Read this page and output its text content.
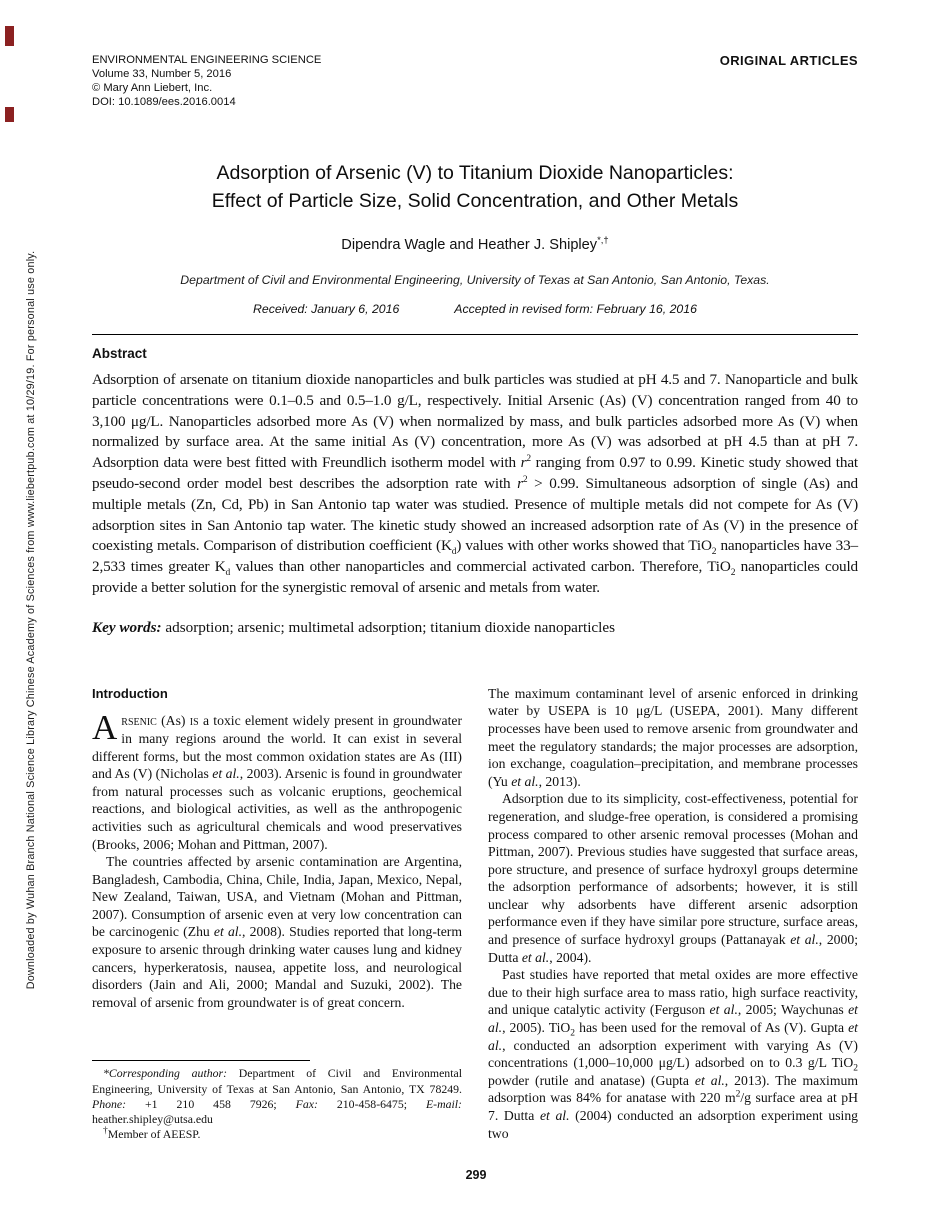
Downloaded by Wuhan Branch National Science Library Chinese Academy of Sciences from www.liebertpub.com at 10/29/19. For personal use only.
ENVIRONMENTAL ENGINEERING SCIENCE
Volume 33, Number 5, 2016
© Mary Ann Liebert, Inc.
DOI: 10.1089/ees.2016.0014
ORIGINAL ARTICLES
Adsorption of Arsenic (V) to Titanium Dioxide Nanoparticles:
Effect of Particle Size, Solid Concentration, and Other Metals
Dipendra Wagle and Heather J. Shipley*,†
Department of Civil and Environmental Engineering, University of Texas at San Antonio, San Antonio, Texas.
Received: January 6, 2016	Accepted in revised form: February 16, 2016
Abstract

Adsorption of arsenate on titanium dioxide nanoparticles and bulk particles was studied at pH 4.5 and 7. Nanoparticle and bulk particle concentrations were 0.1–0.5 and 0.5–1.0 g/L, respectively. Initial Arsenic (As) (V) concentration ranged from 40 to 3,100 μg/L. Nanoparticles adsorbed more As (V) when normalized by mass, and bulk particles adsorbed more As (V) when normalized by surface area. At the same initial As (V) concentration, more As (V) was adsorbed at pH 4.5 than at pH 7. Adsorption data were best fitted with Freundlich isotherm model with $r^2$ ranging from 0.97 to 0.99. Kinetic study showed that pseudo-second order model best describes the adsorption rate with $r^2 > 0.99$. Simultaneous adsorption of single (As) and multiple metals (Zn, Cd, Pb) in San Antonio tap water was studied. Presence of multiple metals did not compete for As (V) adsorption sites in San Antonio tap water. The kinetic study showed an increased adsorption rate of As (V) in the presence of coexisting metals. Comparison of distribution coefficient $(K_d)$ values with other works showed that TiO$_2$ nanoparticles have 33–2,533 times greater $K_d$ values than other nanoparticles and commercial activated carbon. Therefore, TiO$_2$ nanoparticles could provide a better solution for the synergistic removal of arsenic and metals from water.

Key words: adsorption; arsenic; multimetal adsorption; titanium dioxide nanoparticles

Introduction

Arsenic (As) is a toxic element widely present in groundwater in many regions around the world. It can exist in several different forms, but the most common oxidation states are As (III) and As (V) (Nicholas et al., 2003). Arsenic is found in groundwater from natural processes such as volcanic eruptions, geochemical reactions, and biological activities, as well as the anthropogenic activities such as agricultural chemicals and wood preservatives (Brooks, 2006; Mohan and Pittman, 2007).

The countries affected by arsenic contamination are Argentina, Bangladesh, Cambodia, China, Chile, India, Japan, Mexico, Nepal, New Zealand, Taiwan, USA, and Vietnam (Mohan and Pittman, 2007). Consumption of arsenic even at very low concentration can be carcinogenic (Zhu et al., 2008). Studies reported that long-term exposure to arsenic through drinking water causes lung and kidney cancers, hyperkeratosis, nausea, appetite loss, and neurological disorders (Jain and Ali, 2000; Mandal and Suzuki, 2002). The removal of arsenic from groundwater is of great concern.

*Corresponding author: Department of Civil and Environmental Engineering, University of Texas at San Antonio, San Antonio, TX 78249. Phone: +1 210 458 7926; Fax: 210-458-6475; E-mail: heather.shipley@utsa.edu

†Member of AEESP.

The maximum contaminant level of arsenic enforced in drinking water by USEPA is 10 μg/L (USEPA, 2001). Many different processes have been used to remove arsenic from groundwater and meet the regulatory standards; the major processes are adsorption, ion exchange, coagulation–precipitation, and membrane processes (Yu et al., 2013).

Adsorption due to its simplicity, cost-effectiveness, potential for regeneration, and sludge-free operation, is considered a promising process compared to other arsenic removal processes (Mohan and Pittman, 2007). Previous studies have suggested that surface areas, pore structure, and presence of surface hydroxyl groups determine the adsorption performance of adsorbents; however, it is still unclear why adsorbents have different arsenic adsorption performance even if they have similar pore structure, surface areas, and presence of surface hydroxyl groups (Pattanayak et al., 2000; Dutta et al., 2004).

Past studies have reported that metal oxides are more effective due to their high surface area to mass ratio, high surface reactivity, and unique catalytic activity (Ferguson et al., 2005; Waychunas et al., 2005). TiO$_2$ has been used for the removal of As (V). Gupta et al., conducted an adsorption experiment with varying As (V) concentrations (1,000–10,000 μg/L) adsorbed on to 0.3 g/L TiO$_2$ powder (rutile and anatase) (Gupta et al., 2013). The maximum adsorption was 84% for anatase with 220 $m^2/g$ surface area at pH 7. Dutta et al. (2004) conducted an adsorption experiment using two

299
